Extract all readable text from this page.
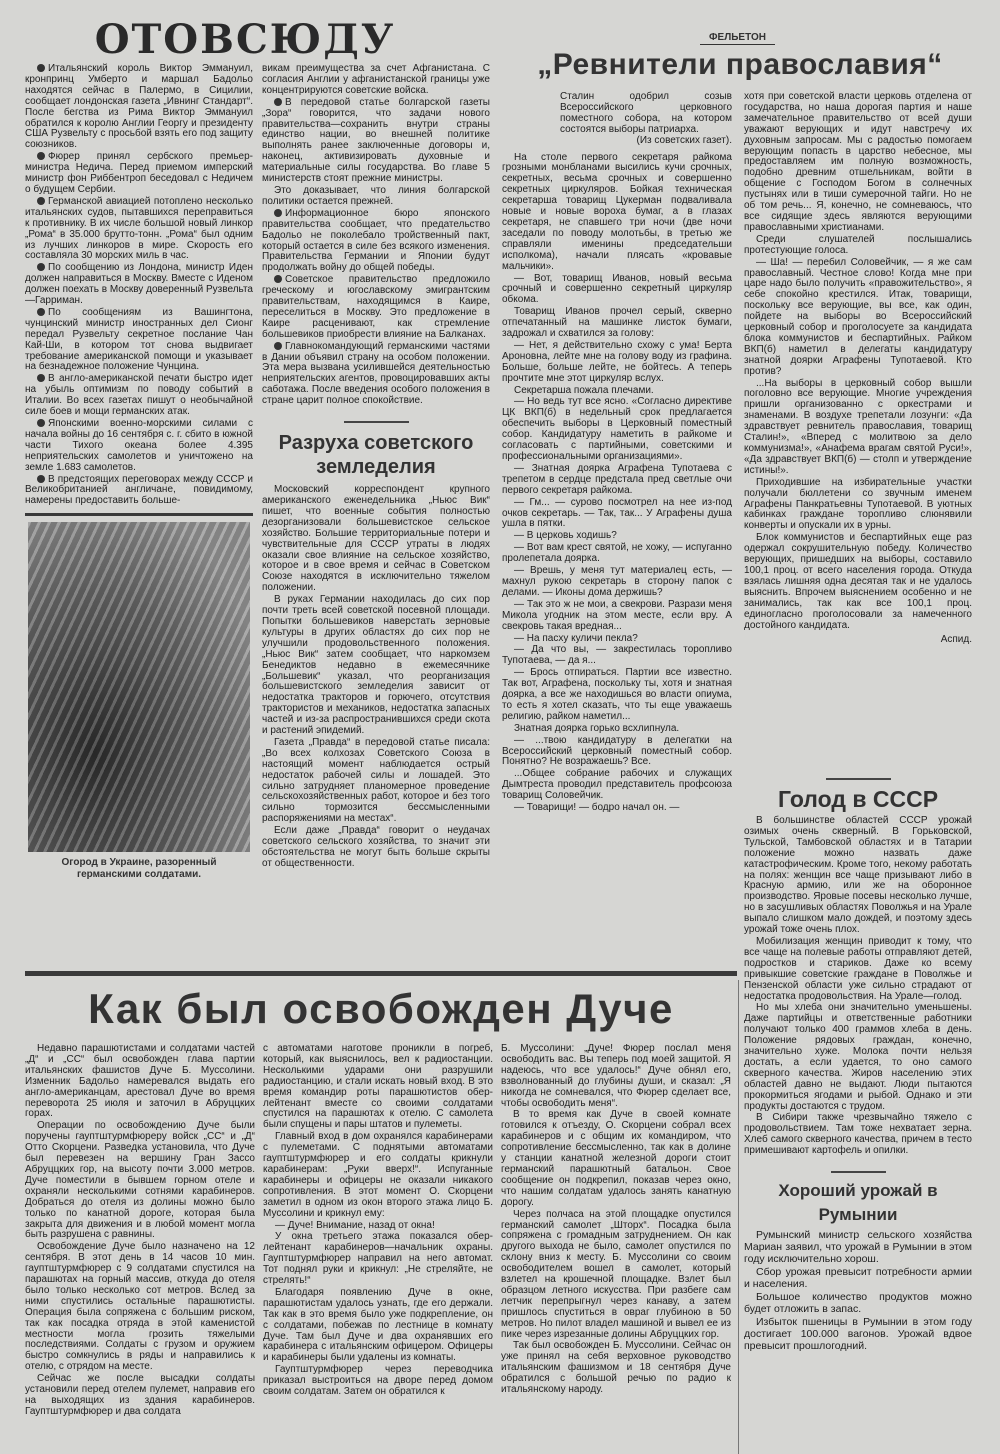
ОТОВСЮДУ

Итальянский король Виктор Эммануил, кронпринц Умберто и маршал Бадольо находятся сейчас в Палермо, в Сицилии, сообщает лондонская газета „Ивнинг Стандарт“. После бегства из Рима Виктор Эммануил обратился к королю Англии Георгу и президенту США Рузвельту с просьбой взять его под защиту союзников.

Фюрер принял сербского премьер-министра Недича. Перед приемом имперский министр фон Риббентроп беседовал с Недичем о будущем Сербии.

Германской авиацией потоплено несколько итальянских судов, пытавшихся переправиться к противнику. В их числе большой новый линкор „Рома“ в 35.000 брутто-тонн. „Рома“ был одним из лучших линкоров в мире. Скорость его составляла 30 морских миль в час.

По сообщению из Лондона, министр Иден должен направиться в Москву. Вместе с Иденом должен поехать в Москву доверенный Рузвельта—Гарриман.

По сообщениям из Вашингтона, чунцинский министр иностранных дел Сионг передал Рузвельту секретное послание Чан Кай-Ши, в котором тот снова выдвигает требование американской помощи и указывает на безнадежное положение Чунцина.

В англо-американской печати быстро идет на убыль оптимизм по поводу событий в Италии. Во всех газетах пишут о необычайной силе боев и мощи германских атак.

Японскими военно-морскими силами с начала войны до 16 сентября с. г. сбито в южной части Тихого океана более 4.395 неприятельских самолетов и уничтожено на земле 1.683 самолетов.

В предстоящих переговорах между СССР и Великобританией англичане, повидимому, намерены предоставить больше-

Огород в Украине, разоренный германскими солдатами.

викам преимущества за счет Афганистана. С согласия Англии у афганистанской границы уже концентрируются советские войска.

В передовой статье болгарской газеты „Зора“ говорится, что задачи нового правительства—сохранить внутри страны единство нации, во внешней политике выполнять ранее заключенные договоры и, наконец, активизировать духовные и материальные силы государства. Во главе 5 министерств стоят прежние министры.

Это доказывает, что линия болгарской политики остается прежней.

Информационное бюро японского правительства сообщает, что предательство Бадольо не поколебало тройственный пакт, который остается в силе без всякого изменения. Правительства Германии и Японии будут продолжать войну до общей победы.

Советское правительство предложило греческому и югославскому эмигрантским правительствам, находящимся в Каире, переселиться в Москву. Это предложение в Каире расценивают, как стремление большевиков приобрести влияние на Балканах.

Главнокомандующий германскими частями в Дании объявил страну на особом положении. Эта мера вызвана усилившейся деятельностью неприятельских агентов, провоцировавших акты саботажа. После введения особого положения в стране царит полное спокойствие.

Разруха советского
земледелия

Московский корреспондент крупного американского еженедельника „Ньюс Вик“ пишет, что военные события полностью дезорганизовали большевистское сельское хозяйство. Большие территориальные потери и чувствительные для СССР утраты в людях оказали свое влияние на сельское хозяйство, которое и в свое время и сейчас в Советском Союзе находятся в исключительно тяжелом положении.

В руках Германии находилась до сих пор почти треть всей советской посевной площади. Попытки большевиков наверстать зерновые культуры в других областях до сих пор не улучшили продовольственного положения. „Ньюс Вик“ затем сообщает, что наркомзем Бенедиктов недавно в ежемесячнике „Большевик“ указал, что реорганизация большевистского земледелия зависит от недостатка тракторов и горючего, отсутствия трактористов и механиков, недостатка запасных частей и из-за распространившихся среди скота и растений эпидемий.

Газета „Правда“ в передовой статье писала: „Во всех колхозах Советского Союза в настоящий момент наблюдается острый недостаток рабочей силы и лошадей. Это сильно затрудняет планомерное проведение сельскохозяйственных работ, которое и без того сильно тормозится бессмысленными распоряжениями на местах“.

Если даже „Правда“ говорит о неудачах советского сельского хозяйства, то значит эти обстоятельства не могут быть больше скрыты от общественности.

ФЕЛЬЕТОН
„Ревнители православия“

Сталин одобрил созыв Всероссийского церковного поместного собора, на котором состоятся выборы патриарха.

(Из советских газет).

На столе первого секретаря райкома грозными монбланами высились кучи срочных, секретных, весьма срочных и совершенно секретных циркуляров. Бойкая техническая секретарша товарищ Цукерман подваливала новые и новые вороха бумаг, а в глазах секретаря, не спавшего три ночи (две ночи заседали по поводу молотьбы, в третью же справляли именины председательши исполкома), начали плясать «кровавые мальчики».

— Вот, товарищ Иванов, новый весьма срочный и совершенно секретный циркуляр обкома.

Товарищ Иванов прочел серый, скверно отпечатанный на машинке листок бумаги, задрожал и схватился за голову:

— Нет, я действительно схожу с ума! Берта Ароновна, лейте мне на голову воду из графина. Больше, больше лейте, не бойтесь. А теперь прочтите мне этот циркуляр вслух.

Секретарша пожала плечами.

— Но ведь тут все ясно. «Согласно директиве ЦК ВКП(б) в недельный срок предлагается обеспечить выборы в Церковный поместный собор. Кандидатуру наметить в райкоме и согласовать с партийными, советскими и профессиональными организациями».

— Знатная доярка Аграфена Тупотаева с трепетом в сердце предстала пред светлые очи первого секретаря райкома.

— Гм... — сурово посмотрел на нее из-под очков секретарь. — Так, так... У Аграфены душа ушла в пятки.

— В церковь ходишь?

— Вот вам крест святой, не хожу, — испуганно пролепетала доярка.

— Врешь, у меня тут материалец есть, — махнул рукою секретарь в сторону папок с делами. — Иконы дома держишь?

— Так это ж не мои, а свекрови. Разрази меня Микола угодник на этом месте, если вру. А свекровь такая вредная...

— На пасху куличи пекла?

— Да что вы, — закрестилась торопливо Тупотаева, — да я...

— Брось отпираться. Партии все известно. Так вот, Аграфена, поскольку ты, хотя и знатная доярка, а все же находишься во власти опиума, то есть я хотел сказать, что ты еще уважаешь религию, райком наметил...

Знатная доярка горько всхлипнула.

— ...твою кандидатуру в делегатки на Всероссийский церковный поместный собор. Понятно? Не возражаешь? Все.

...Общее собрание рабочих и служащих Дымтреста проводил представитель профсоюза товарищ Соловейчик.

— Товарищи! — бодро начал он. —

хотя при советской власти церковь отделена от государства, но наша дорогая партия и наше замечательное правительство от всей души уважают верующих и идут навстречу их духовным запросам. Мы с радостью помогаем верующим попасть в царство небесное, мы предоставляем им полную возможность, подобно древним отшельникам, войти в общение с Господом Богом в солнечных пустынях или в тиши сумерочной тайги. Но не об том речь... Я, конечно, не сомневаюсь, что все сидящие здесь являются верующими православными христианами.

Среди слушателей послышались протестующие голоса.

— Ша! — перебил Соловейчик, — я же сам православный. Честное слово! Когда мне при царе надо было получить «правожительство», я себе спокойно крестился. Итак, товарищи, поскольку все верующие, вы все, как один, пойдете на выборы во Всероссийский церковный собор и проголосуете за кандидата блока коммунистов и беспартийных. Райком ВКП(б) наметил в делегаты кандидатуру знатной доярки Аграфены Тупотаевой. Кто против?

...На выборы в церковный собор вышли поголовно все верующие. Многие учреждения пришли организованно с оркестрами и знаменами. В воздухе трепетали лозунги: «Да здравствует ревнитель православия, товарищ Сталин!», «Вперед с молитвою за дело коммунизма!», «Анафема врагам святой Руси!», «Да здравствует ВКП(б) — столп и утверждение истины!».

Приходившие на избирательные участки получали бюллетени со звучным именем Аграфены Панкратьевны Тупотаевой. В уютных кабинках граждане торопливо слюнявили конверты и опускали их в урны.

Блок коммунистов и беспартийных еще раз одержал сокрушительную победу. Количество верующих, пришедших на выборы, составило 100,1 проц. от всего населения города. Откуда взялась лишняя одна десятая так и не удалось выяснить. Впрочем выяснением особенно и не занимались, так как все 100,1 проц. единогласно проголосовали за намеченного достойного кандидата.

Аспид.
Голод в СССР

В большинстве областей СССР урожай озимых очень скверный. В Горьковской, Тульской, Тамбовской областях и в Татарии положение можно назвать даже катастрофическим. Кроме того, некому работать на полях: женщин все чаще призывают либо в Красную армию, или же на оборонное производство. Яровые посевы несколько лучше, но в засушливых областях Поволжья и на Урале выпало слишком мало дождей, и поэтому здесь урожай тоже очень плох.

Мобилизация женщин приводит к тому, что все чаще на полевые работы отправляют детей, подростков и стариков. Даже ко всему привыкшие советские граждане в Поволжье и Пензенской области уже сильно страдают от недостатка продовольствия. На Урале—голод.

Но мы хлеба они значительно уменьшены. Даже партийцы и ответственные работники получают только 400 граммов хлеба в день. Положение рядовых граждан, конечно, значительно хуже. Молока почти нельзя достать, а если удается, то оно самого скверного качества. Жиров населению этих областей давно не выдают. Люди пытаются прокормиться ягодами и рыбой. Однако и эти продукты достаются с трудом.

В Сибири также чрезвычайно тяжело с продовольствием. Там тоже нехватает зерна. Хлеб самого скверного качества, причем в тесто примешивают картофель и опилки.

Хороший урожай в Румынии

Румынский министр сельского хозяйства Мариан заявил, что урожай в Румынии в этом году исключительно хорош.

Сбор урожая превысит потребности армии и населения.

Большое количество продуктов можно будет отложить в запас.

Избыток пшеницы в Румынии в этом году достигает 100.000 вагонов. Урожай вдвое превысит прошлогодний.

Как был освобожден Дуче

Недавно парашютистами и солдатами частей „Д“ и „СС“ был освобожден глава партии итальянских фашистов Дуче Б. Муссолини. Изменник Бадольо намеревался выдать его англо-американцам, арестовал Дуче во время переворота 25 июля и заточил в Абруццких горах.

Операции по освобождению Дуче были поручены гауптштурмфюреру войск „СС“ и „Д“ Отто Скорцени. Разведка установила, что Дуче был перевезен на вершину Гран Зассо Абруццких гор, на высоту почти 3.000 метров. Дуче поместили в бывшем горном отеле и охраняли несколькими сотнями карабинеров. Добраться до отеля из долины можно было только по канатной дороге, которая была закрыта для движения и в любой момент могла быть разрушена с равнины.

Освобождение Дуче было назначено на 12 сентября. В этот день в 14 часов 10 мин. гауптштурмфюрер с 9 солдатами спустился на парашютах на горный массив, откуда до отеля было только несколько сот метров. Вслед за ними спустились остальные парашютисты. Операция была сопряжена с большим риском, так как посадка отряда в этой каменистой местности могла грозить тяжелыми последствиями. Солдаты с грузом и оружием быстро сомкнулись в ряды и направились к отелю, с отрядом на месте.

Сейчас же после высадки солдаты установили перед отелем пулемет, направив его на выходящих из здания карабинеров. Гауптштурмфюрер и два солдата

с автоматами наготове проникли в погреб, который, как выяснилось, вел к радиостанции. Несколькими ударами они разрушили радиостанцию, и стали искать новый вход. В это время командир роты парашютистов обер-лейтенант вместе со своими солдатами спустился на парашютах к отелю. С самолета были спущены и пары штатов и пулеметы.

Главный вход в дом охранялся карабинерами с пулеметами. С поднятыми автоматами гауптштурмфюрер и его солдаты крикнули карабинерам: „Руки вверх!“. Испуганные карабинеры и офицеры не оказали никакого сопротивления. В этот момент О. Скорцени заметил в одном из окон второго этажа лицо Б. Муссолини и крикнул ему:

— Дуче! Внимание, назад от окна!

У окна третьего этажа показался обер-лейтенант карабинеров—начальник охраны. Гауптштурмфюрер направил на него автомат. Тот поднял руки и крикнул: „Не стреляйте, не стрелять!“

Благодаря появлению Дуче в окне, парашютистам удалось узнать, где его держали. Так как в это время было уже подкрепление, он с солдатами, побежав по лестнице в комнату Дуче. Там был Дуче и два охранявших его карабинера с итальянским офицером. Офицеры и карабинеры были удалены из комнаты.

Гауптштурмфюрер через переводчика приказал выстроиться на дворе перед домом своим солдатам. Затем он обратился к

Б. Муссолини: „Дуче! Фюрер послал меня освободить вас. Вы теперь под моей защитой. Я надеюсь, что все удалось!“ Дуче обнял его, взволнованный до глубины души, и сказал: „Я никогда не сомневался, что Фюрер сделает все, чтобы освободить меня“.

В то время как Дуче в своей комнате готовился к отъезду, О. Скорцени собрал всех карабинеров и с общим их командиром, что сопротивление бессмысленно, так как в долине у станции канатной железной дороги стоит германский парашютный батальон. Свое сообщение он подкрепил, показав через окно, что нашим солдатам удалось занять канатную дорогу.

Через полчаса на этой площадке опустился германский самолет „Шторх“. Посадка была сопряжена с громадным затруднением. Он как другого выхода не было, самолет опустился по склону вниз к месту. Б. Муссолини со своим освободителем вошел в самолет, который взлетел на крошечной площадке. Взлет был образцом летного искусства. При разбеге сам летчик перепрыгнул через канаву, а затем пришлось спуститься в овраг глубиною в 50 метров. Но пилот владел машиной и вывел ее из пике через изрезанные долины Абруццких гор.

Так был освобожден Б. Муссолини. Сейчас он уже принял на себя верховное руководство итальянским фашизмом и 18 сентября Дуче обратился с большой речью по радио к итальянскому народу.
